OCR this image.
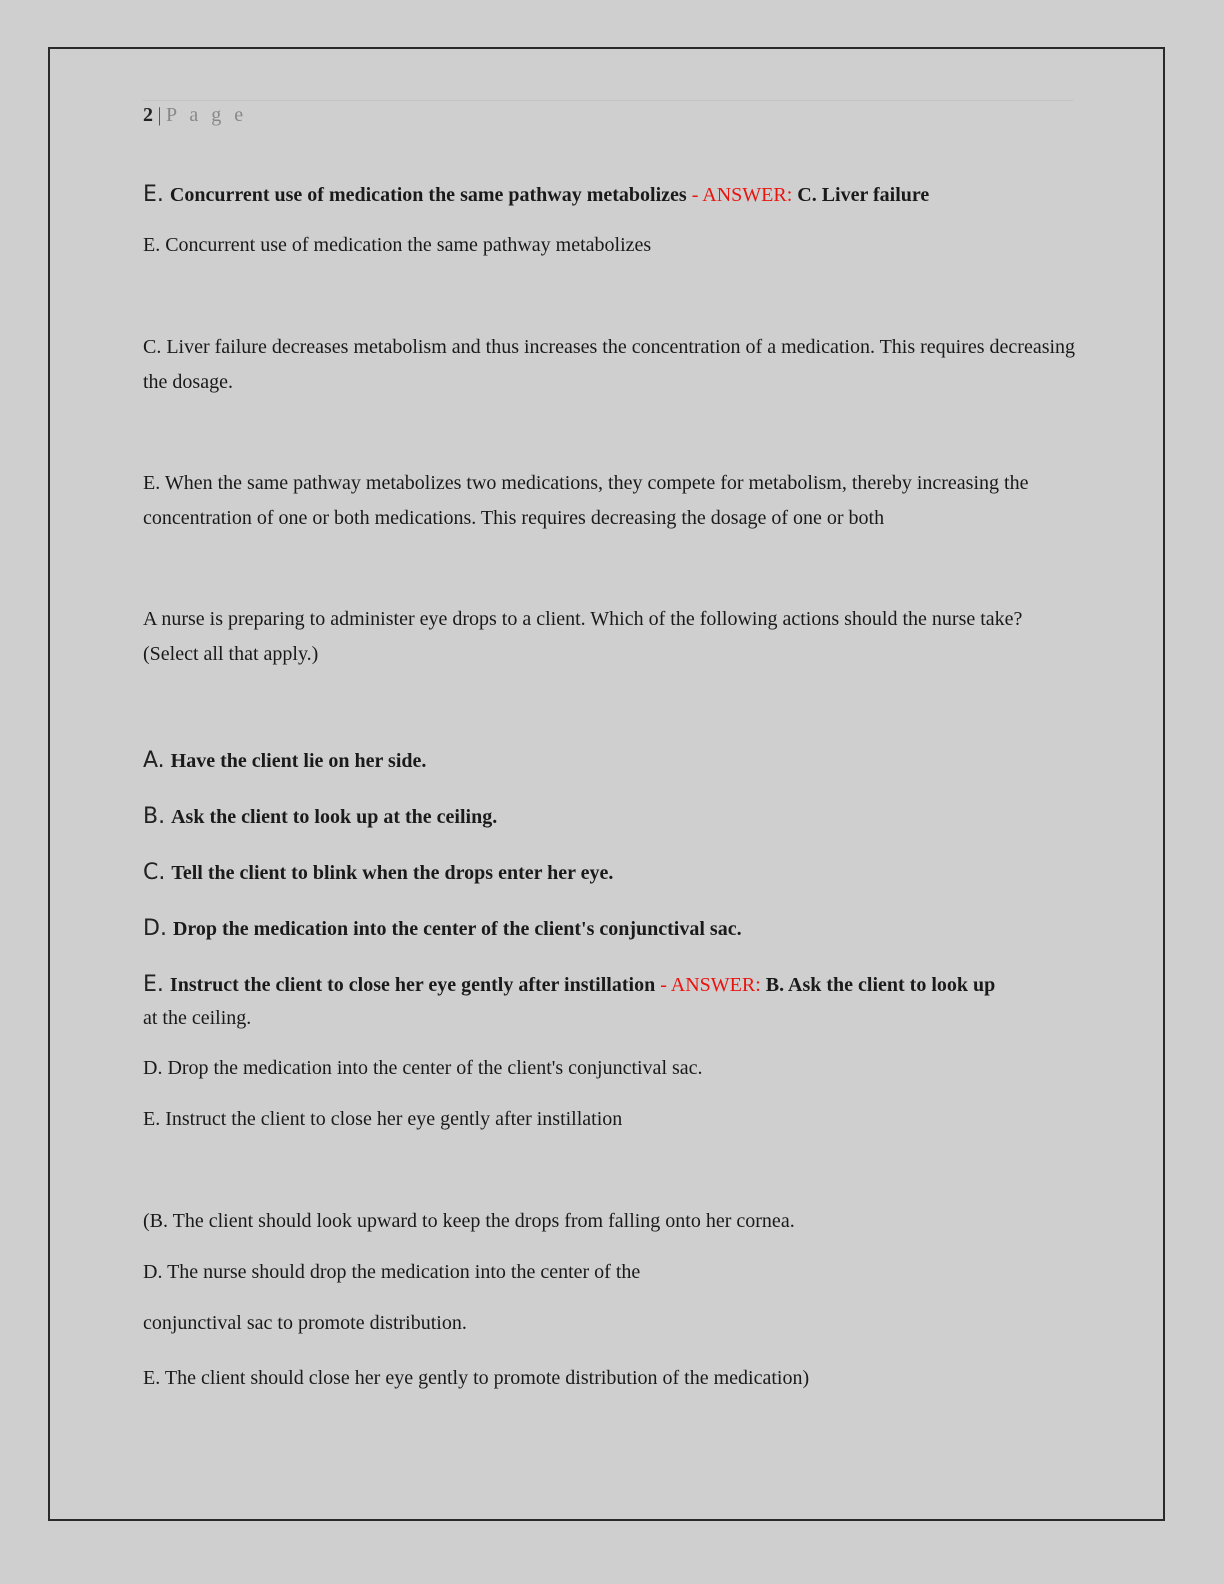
2 | P a g e
E. Concurrent use of medication the same pathway metabolizes - ANSWER: C. Liver failure
E. Concurrent use of medication the same pathway metabolizes
C. Liver failure decreases metabolism and thus increases the concentration of a medication. This requires decreasing the dosage.
E. When the same pathway metabolizes two medications, they compete for metabolism, thereby increasing the concentration of one or both medications. This requires decreasing the dosage of one or both
A nurse is preparing to administer eye drops to a client. Which of the following actions should the nurse take? (Select all that apply.)
A. Have the client lie on her side.
B. Ask the client to look up at the ceiling.
C. Tell the client to blink when the drops enter her eye.
D. Drop the medication into the center of the client's conjunctival sac.
E. Instruct the client to close her eye gently after instillation - ANSWER: B. Ask the client to look up
at the ceiling.
D. Drop the medication into the center of the client's conjunctival sac.
E. Instruct the client to close her eye gently after instillation
(B. The client should look upward to keep the drops from falling onto her cornea.
D. The nurse should drop the medication into the center of the
conjunctival sac to promote distribution.
E. The client should close her eye gently to promote distribution of the medication)
